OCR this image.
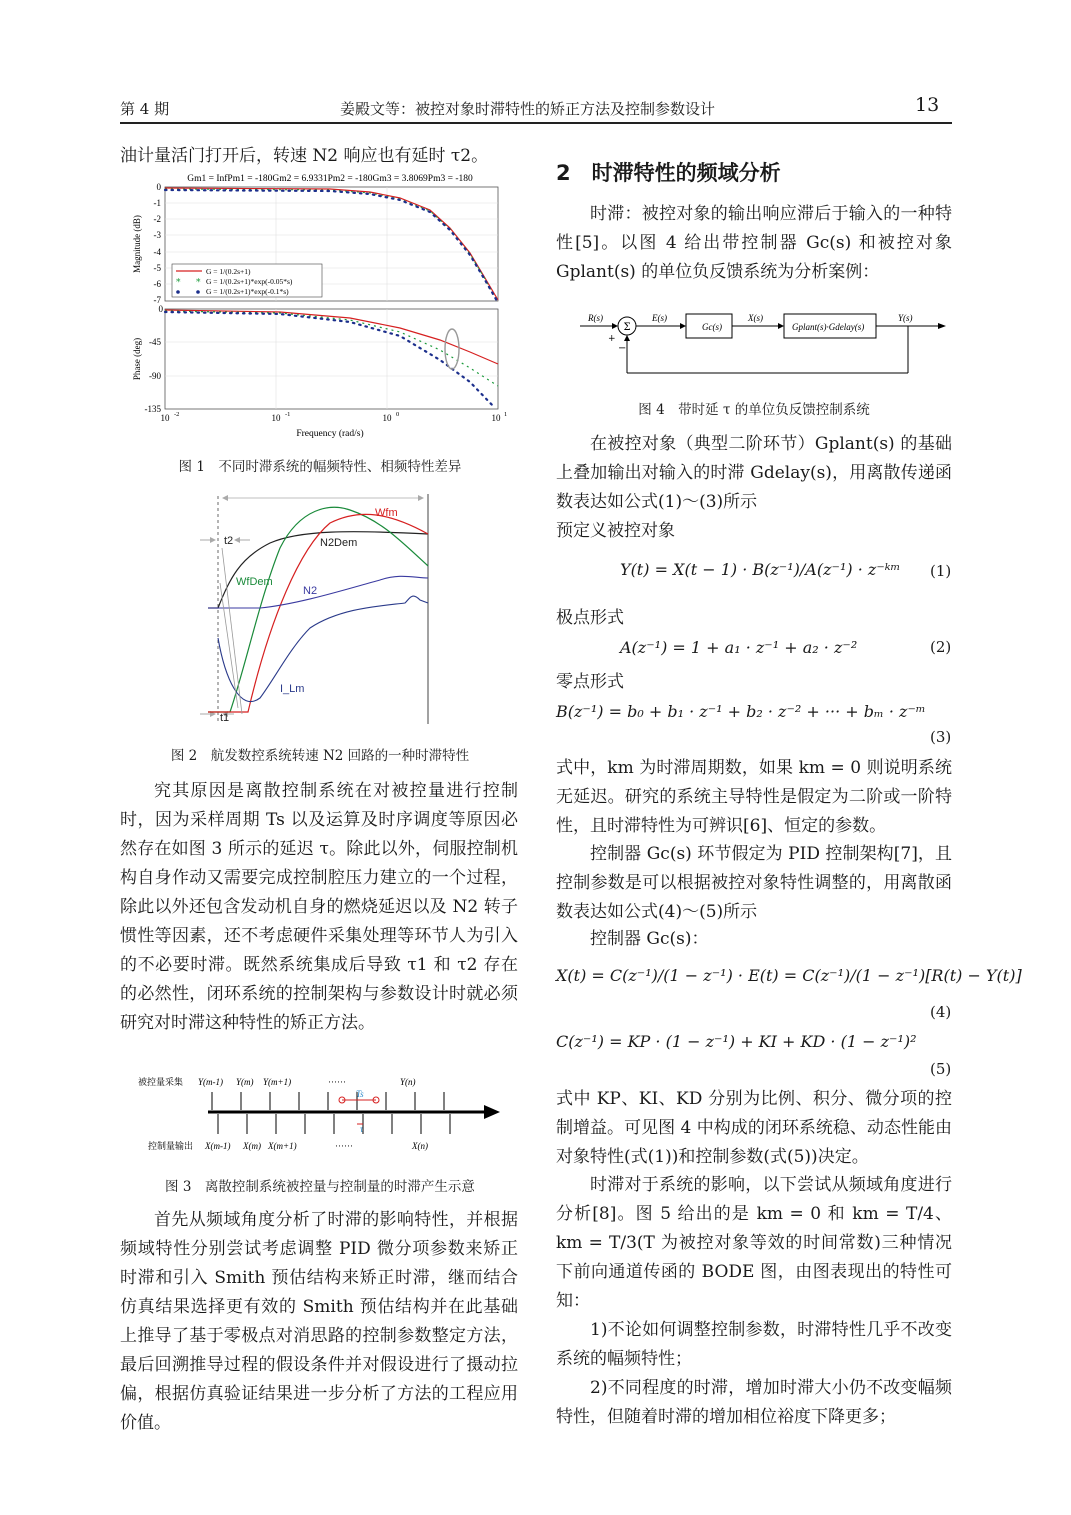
第 4 期	姜殿文等：被控对象时滞特性的矫正方法及控制参数设计	13
油计量活门打开后，转速 N2 响应也有延时 τ2。
Gm1 = InfPm1 = -180Gm2 = 6.9331Pm2 = -180Gm3 = 3.8069Pm3 = -180
G = 1/(0.2s+1)
* * G = 1/(0.2s+1)*exp(-0.05*s)
G = 1/(0.2s+1)*exp(-0.1*s)
0
-1
-2
-3
-4
-5
-6
-7
0
-45
-90
-135
10	10	10	10
-2	-1	0	1
Frequency (rad/s)
Magnitude (dB)
Phase (deg)
图 1　不同时滞系统的幅频特性、相频特性差异
Wfm
N2Dem
WfDem
N2
I_Lm
t1
t2
图 2　航发数控系统转速 N2 回路的一种时滞特性

究其原因是离散控制系统在对被控量进行控制时，因为采样周期 Ts 以及运算及时序调度等原因必然存在如图 3 所示的延迟 τ。除此以外，伺服控制机构自身作动又需要完成控制腔压力建立的一个过程，除此以外还包含发动机自身的燃烧延迟以及 N2 转子惯性等因素，还不考虑硬件采集处理等环节人为引入的不必要时滞。既然系统集成后导致 τ1 和 τ2 存在的必然性，闭环系统的控制架构与参数设计时就必须研究对时滞这种特性的矫正方法。

被控量采集 Y(m-1) Y(m) Y(m+1)	······	Y(n)
控制量输出 X(m-1) X(m) X(m+1)	······	X(n)
Ts
τ
图 3　离散控制系统被控量与控制量的时滞产生示意

首先从频域角度分析了时滞的影响特性，并根据频域特性分别尝试考虑调整 PID 微分项参数来矫正时滞和引入 Smith 预估结构来矫正时滞，继而结合仿真结果选择更有效的 Smith 预估结构并在此基础上推导了基于零极点对消思路的控制参数整定方法，最后回溯推导过程的假设条件并对假设进行了摄动拉偏，根据仿真验证结果进一步分析了方法的工程应用价值。

2　时滞特性的频域分析

时滞：被控对象的输出响应滞后于输入的一种特性[5]。以图 4 给出带控制器 Gc(s) 和被控对象 Gplant(s) 的单位负反馈系统为分析案例：

R(s)	E(s)	X(s)	Y(s)
Gc(s)	Gplant(s)·Gdelay(s)
Σ
+
−
图 4　带时延 τ 的单位负反馈控制系统

在被控对象（典型二阶环节）Gplant(s) 的基础上叠加输出对输入的时滞 Gdelay(s)，用离散传递函数表达如公式(1)～(3)所示

预定义被控对象
Y(t) = X(t − 1) · B(z⁻¹)/A(z⁻¹) · z⁻ᵏᵐ (1)
极点形式
A(z⁻¹) = 1 + a₁ · z⁻¹ + a₂ · z⁻²	(2)
零点形式
B(z⁻¹) = b₀ + b₁ · z⁻¹ + b₂ · z⁻² + ··· + bₘ · z⁻ᵐ
(3)

式中，km 为时滞周期数，如果 km = 0 则说明系统无延迟。研究的系统主导特性是假定为二阶或一阶特性，且时滞特性为可辨识[6]、恒定的参数。

控制器 Gc(s) 环节假定为 PID 控制架构[7]，且控制参数是可以根据被控对象特性调整的，用离散函数表达如公式(4)～(5)所示

控制器 Gc(s)：
X(t) = C(z⁻¹)/(1 − z⁻¹) · E(t) = C(z⁻¹)/(1 − z⁻¹)[R(t) − Y(t)]
(4)
C(z⁻¹) = KP · (1 − z⁻¹) + KI + KD · (1 − z⁻¹)²
(5)

式中 KP、KI、KD 分别为比例、积分、微分项的控制增益。可见图 4 中构成的闭环系统稳、动态性能由对象特性(式(1))和控制参数(式(5))决定。

时滞对于系统的影响，以下尝试从频域角度进行分析[8]。图 5 给出的是 km = 0 和 km = T/4、km = T/3(T 为被控对象等效的时间常数)三种情况下前向通道传函的 BODE 图，由图表现出的特性可知：

1)不论如何调整控制参数，时滞特性几乎不改变系统的幅频特性；

2)不同程度的时滞，增加时滞大小仍不改变幅频特性，但随着时滞的增加相位裕度下降更多；
